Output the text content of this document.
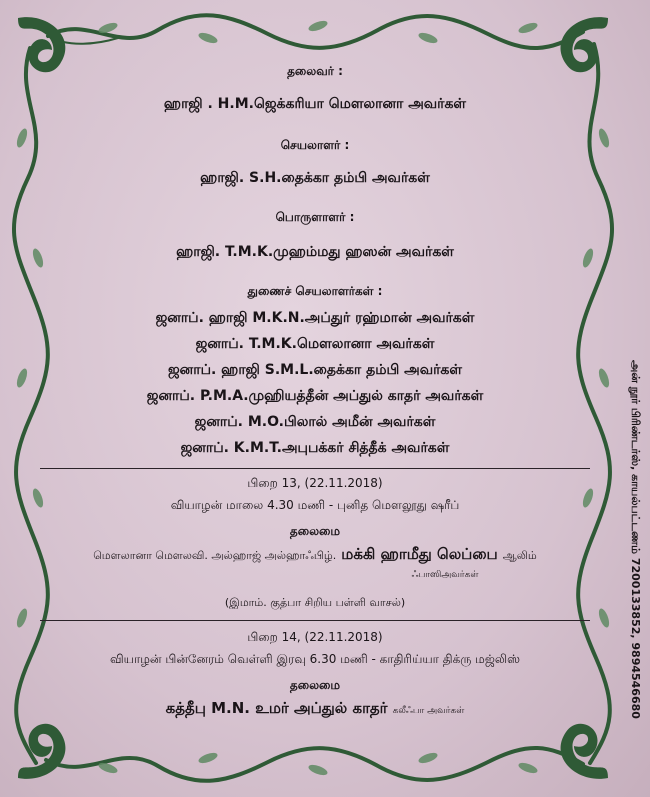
தலைவர் :
ஹாஜி . H.M.ஜெக்கரியா மௌலானா அவர்கள்
செயலாளர் :
ஹாஜி. S.H.தைக்கா தம்பி அவர்கள்
பொருளாளர் :
ஹாஜி. T.M.K.முஹம்மது ஹஸன் அவர்கள்
துணைச் செயலாளர்கள் :
ஜனாப். ஹாஜி M.K.N.அப்துர் ரஹ்மான் அவர்கள்
ஜனாப். T.M.K.மௌலானா அவர்கள்
ஜனாப். ஹாஜி S.M.L.தைக்கா தம்பி அவர்கள்
ஜனாப். P.M.A.முஹியத்தீன் அப்துல் காதர் அவர்கள்
ஜனாப். M.O.பிலால் அமீன் அவர்கள்
ஜனாப். K.M.T.அபுபக்கர் சித்தீக் அவர்கள்
பிறை 13, (22.11.2018)
வியாழன் மாலை 4.30 மணி - புனித மௌலூது ஷரீப்
தலைமை
மௌலானா மௌலவி. அல்ஹாஜ் அல்ஹாஃபிழ். மக்கி ஹாமீது லெப்பை ஆலிம்
ஃபாஸிஅவர்கள்
(இமாம். குத்பா சிறிய பள்ளி வாசல்)
பிறை 14, (22.11.2018)
வியாழன் பின்னேரம் வெள்ளி இரவு 6.30 மணி - காதிரிய்யா திக்ரு மஜ்லிஸ்
தலைமை
கத்தீபு M.N. உமர் அப்துல் காதர் கலீஃபா அவர்கள்	அன் நூர் பிரிண்டர்ஸ், காயல்பட்டணம் 7200133852, 9894546680
